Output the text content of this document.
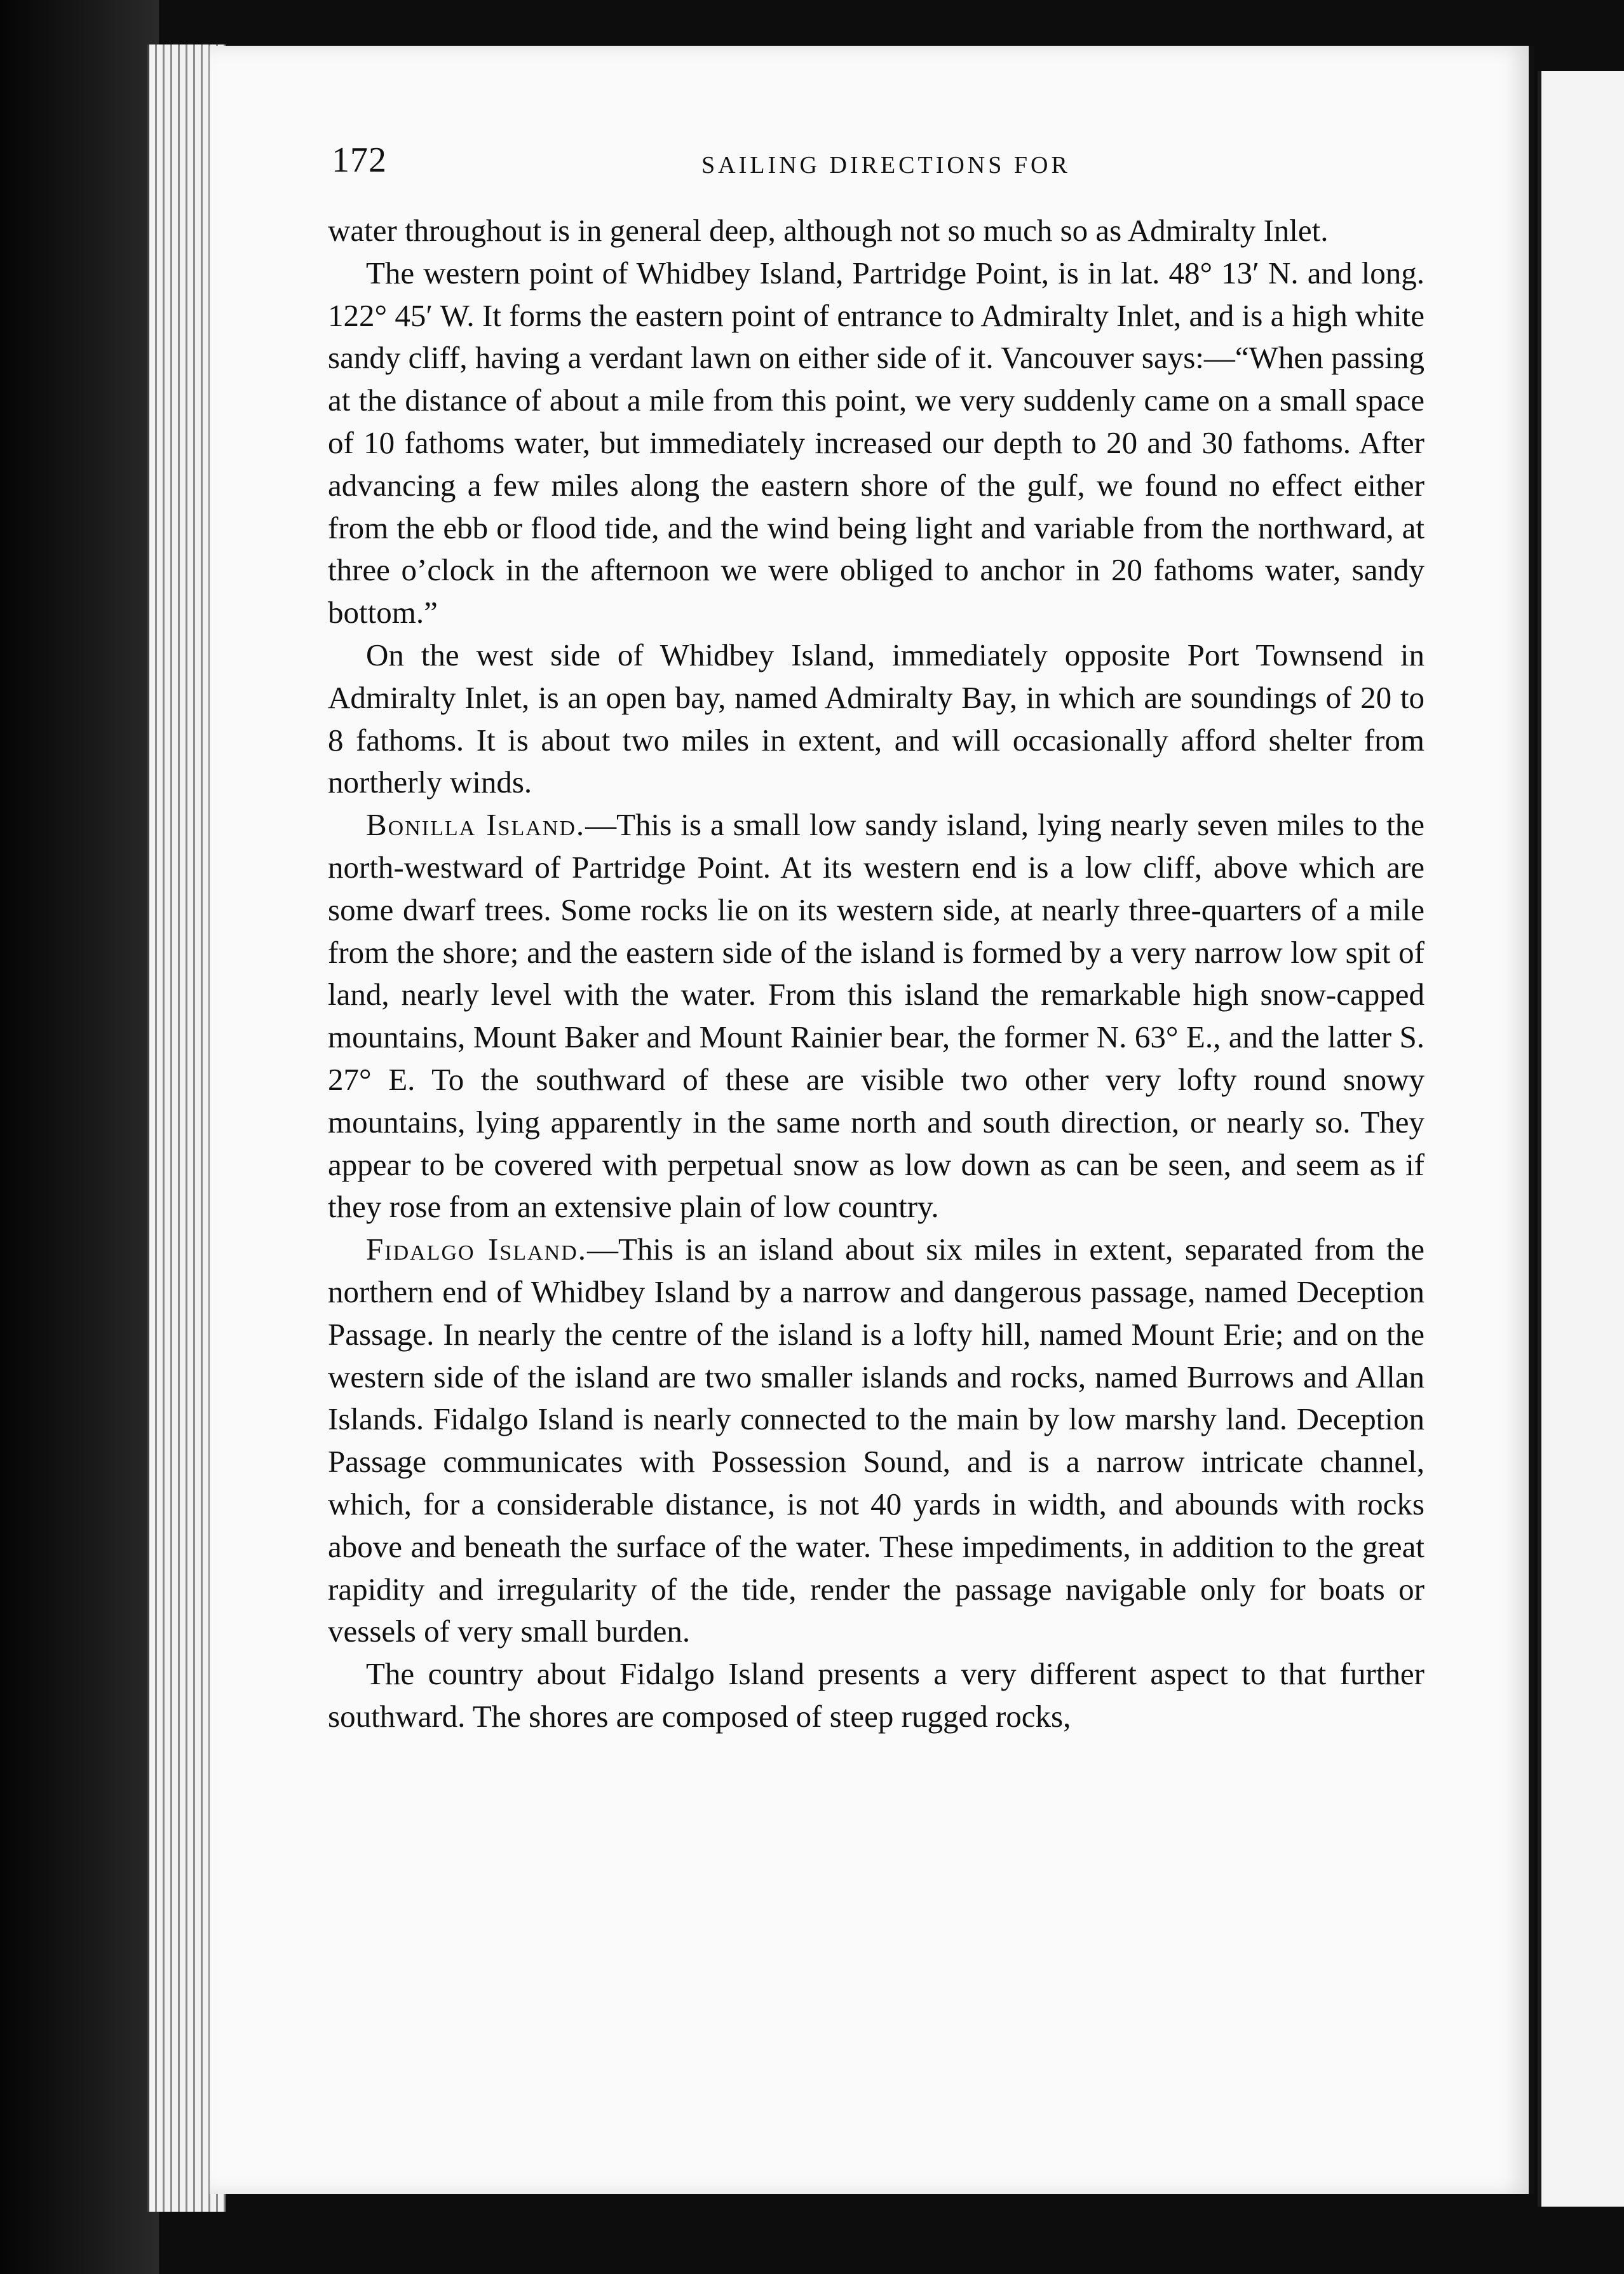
172	SAILING DIRECTIONS FOR

water throughout is in general deep, although not so much so as Admiralty Inlet.

The western point of Whidbey Island, Partridge Point, is in lat. 48° 13′ N. and long. 122° 45′ W. It forms the eastern point of entrance to Admiralty Inlet, and is a high white sandy cliff, having a verdant lawn on either side of it. Vancouver says:—“When passing at the distance of about a mile from this point, we very suddenly came on a small space of 10 fathoms water, but immediately increased our depth to 20 and 30 fathoms. After advancing a few miles along the eastern shore of the gulf, we found no effect either from the ebb or flood tide, and the wind being light and variable from the northward, at three o’clock in the afternoon we were obliged to anchor in 20 fathoms water, sandy bottom.”

On the west side of Whidbey Island, immediately opposite Port Townsend in Admiralty Inlet, is an open bay, named Admiralty Bay, in which are soundings of 20 to 8 fathoms. It is about two miles in extent, and will occasionally afford shelter from northerly winds.

Bonilla Island.—This is a small low sandy island, lying nearly seven miles to the north-westward of Partridge Point. At its western end is a low cliff, above which are some dwarf trees. Some rocks lie on its western side, at nearly three-quarters of a mile from the shore; and the eastern side of the island is formed by a very narrow low spit of land, nearly level with the water. From this island the remarkable high snow-capped mountains, Mount Baker and Mount Rainier bear, the former N. 63° E., and the latter S. 27° E. To the southward of these are visible two other very lofty round snowy mountains, lying apparently in the same north and south direction, or nearly so. They appear to be covered with perpetual snow as low down as can be seen, and seem as if they rose from an extensive plain of low country.

Fidalgo Island.—This is an island about six miles in extent, separated from the northern end of Whidbey Island by a narrow and dangerous passage, named Deception Passage. In nearly the centre of the island is a lofty hill, named Mount Erie; and on the western side of the island are two smaller islands and rocks, named Burrows and Allan Islands. Fidalgo Island is nearly connected to the main by low marshy land. Deception Passage communicates with Possession Sound, and is a narrow intricate channel, which, for a considerable distance, is not 40 yards in width, and abounds with rocks above and beneath the surface of the water. These impediments, in addition to the great rapidity and irregularity of the tide, render the passage navigable only for boats or vessels of very small burden.

The country about Fidalgo Island presents a very different aspect to that further southward. The shores are composed of steep rugged rocks,
